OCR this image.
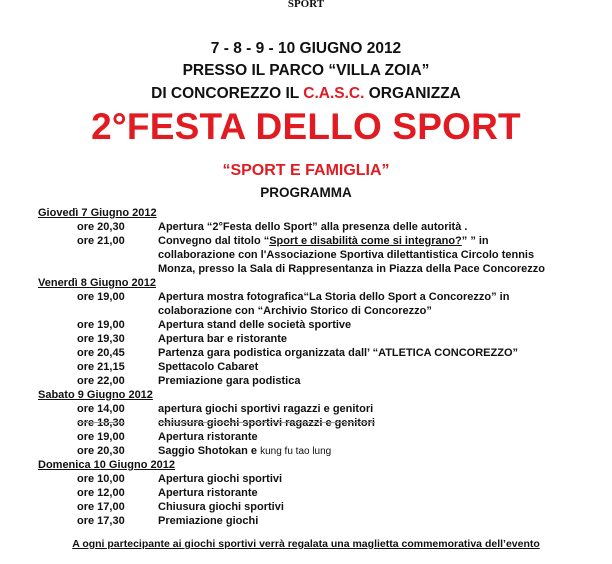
SPORT
7 - 8 - 9 - 10 GIUGNO 2012
PRESSO IL PARCO “VILLA ZOIA”
DI CONCOREZZO IL C.A.S.C. ORGANIZZA
2°FESTA DELLO SPORT
“SPORT E FAMIGLIA”
PROGRAMMA
Giovedì 7 Giugno 2012
ore 20,30	Apertura “2°Festa dello Sport” alla presenza delle autorità .
ore 21,00	Convegno dal titolo “Sport e disabilità come si integrano?” ” in
collaborazione con l'Associazione Sportiva dilettantistica Circolo tennis
Monza, presso la Sala di Rappresentanza in Piazza della Pace Concorezzo
Venerdì 8 Giugno 2012
ore 19,00	Apertura mostra fotografica“La Storia dello Sport a Concorezzo” in
colaborazione con “Archivio Storico di Concorezzo”
ore 19,00	Apertura stand delle società sportive
ore 19,30	Apertura bar e ristorante
ore 20,45	Partenza gara podistica organizzata dall’ “ATLETICA CONCOREZZO”
ore 21,15	Spettacolo Cabaret
ore 22,00	Premiazione gara podistica
Sabato 9 Giugno 2012
ore 14,00	apertura giochi sportivi ragazzi e genitori
ore 18,30	chiusura giochi sportivi ragazzi e genitori
ore 19,00	Apertura ristorante
ore 20,30	Saggio Shotokan e kung fu tao lung
Domenica 10 Giugno 2012
ore 10,00	Apertura giochi sportivi
ore 12,00	Apertura ristorante
ore 17,00	Chiusura giochi sportivi
ore 17,30	Premiazione giochi
A ogni partecipante ai giochi sportivi verrà regalata una maglietta commemorativa dell’evento
